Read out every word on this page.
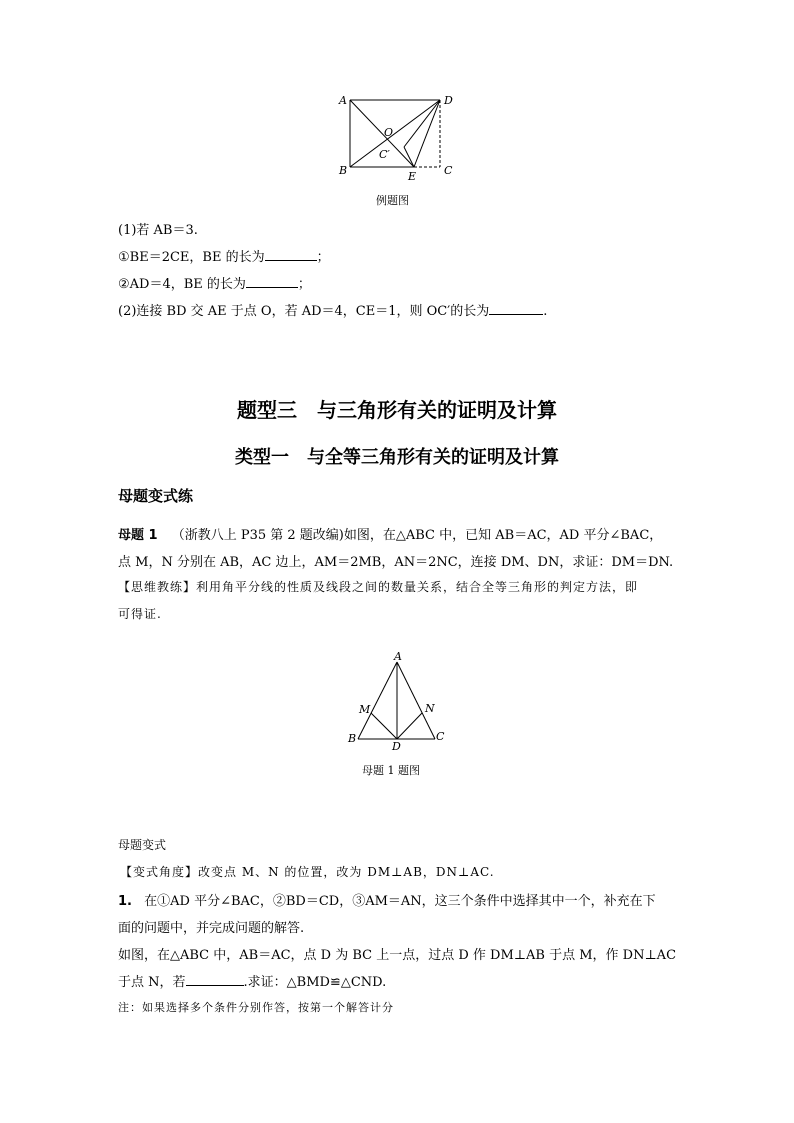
A	D
B	C
O
C′
E
例题图
(1)若 AB＝3.
①BE＝2CE，BE 的长为	；
②AD＝4，BE 的长为	；
(2)连接 BD 交 AE 于点 O，若 AD＝4，CE＝1，则 OC′的长为	.
题型三　与三角形有关的证明及计算
类型一　与全等三角形有关的证明及计算
母题变式练
母题 1 （浙教八上 P35 第 2 题改编)如图，在△ABC 中，已知 AB＝AC，AD 平分∠BAC，
点 M，N 分别在 AB，AC 边上，AM＝2MB，AN＝2NC，连接 DM、DN，求证：DM＝DN.
【思维教练】利用角平分线的性质及线段之间的数量关系，结合全等三角形的判定方法，即
可得证.
A
M	N
B
D
C
母题 1 题图
母题变式
【变式角度】改变点 M、N 的位置，改为 DM⊥AB，DN⊥AC.
1. 在①AD 平分∠BAC，②BD＝CD，③AM＝AN，这三个条件中选择其中一个，补充在下
面的问题中，并完成问题的解答.
如图，在△ABC 中，AB＝AC，点 D 为 BC 上一点，过点 D 作 DM⊥AB 于点 M，作 DN⊥AC
于点 N，若	.求证：△BMD≌△CND.
注：如果选择多个条件分别作答，按第一个解答计分
